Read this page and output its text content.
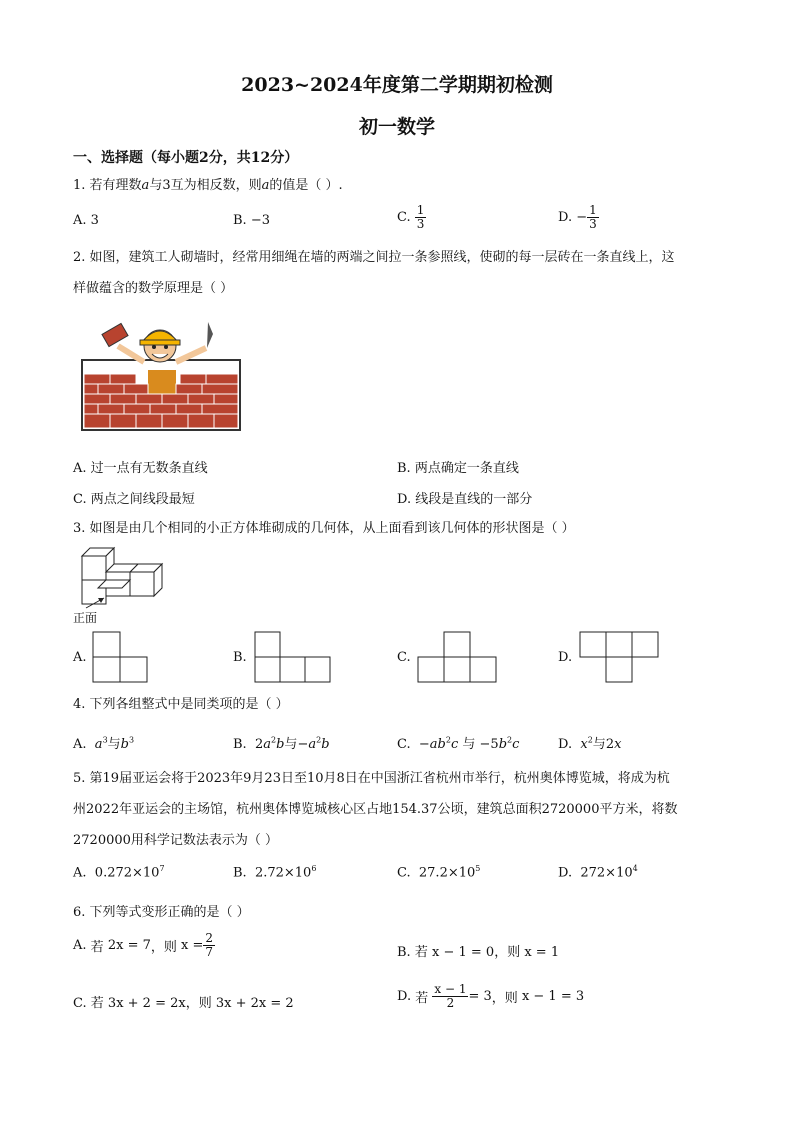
2023~2024年度第二学期期初检测
初一数学
一、选择题（每小题2分，共12分）
1. 若有理数a与3互为相反数，则a的值是（ ）.
A. 3	B. −3	C. $\frac{1}{3}$	D. − $\frac{1}{3}$
2. 如图，建筑工人砌墙时，经常用细绳在墙的两端之间拉一条参照线，使砌的每一层砖在一条直线上，这
样做蕴含的数学原理是（ ）
A. 过一点有无数条直线	B. 两点确定一条直线
C. 两点之间线段最短	D. 线段是直线的一部分
3. 如图是由几个相同的小正方体堆砌成的几何体，从上面看到该几何体的形状图是（ ）
正面
A.	B.	C.	D.
4. 下列各组整式中是同类项的是（ ）
A. $a^3$与$b^3$	B.  $2a^2b$与$-a^2b$	C.  $-ab^2c$ 与 $-5b^2c$	D. $x^2$与2x
5. 第19届亚运会将于2023年9月23日至10月8日在中国浙江省杭州市举行，杭州奥体博览城，将成为杭
州2022年亚运会的主场馆，杭州奥体博览城核心区占地154.37公顷，建筑总面积2720000平方米，将数
2720000用科学记数法表示为（ ）
A. $0.272\times 10^7$	B. $2.72\times 10^6$	C. $27.2\times 10^5$	D. $272\times 10^4$
6. 下列等式变形正确的是（ ）
A. 若 2x = 7，则 $x = \frac{2}{7}$	B. 若 x − 1 = 0，则 x = 1
C. 若 3x + 2 = 2x，则 3x + 2x = 2	D. 若 $\frac{x - 1}{2} = 3$，则 x − 1 = 3
